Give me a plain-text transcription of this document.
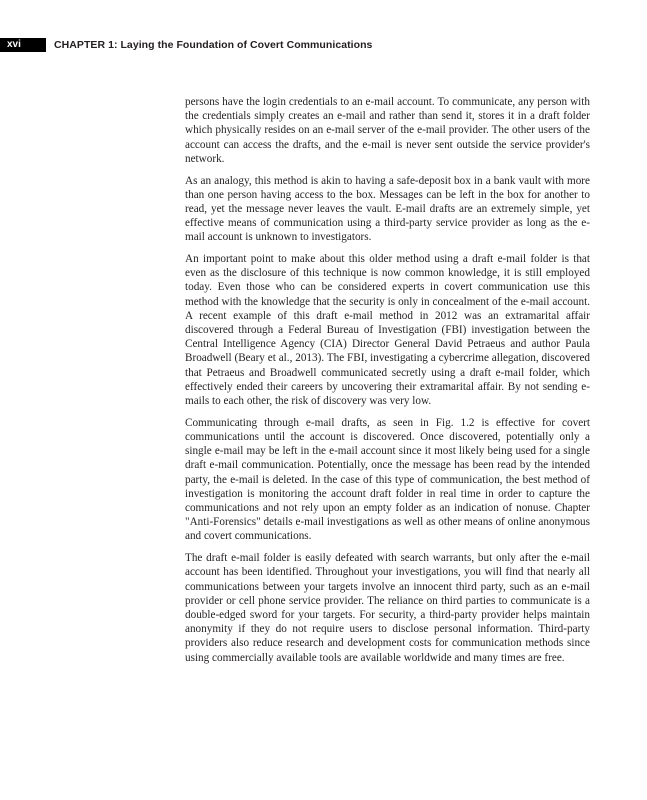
xvi	CHAPTER 1: Laying the Foundation of Covert Communications

persons have the login credentials to an e-mail account. To communicate, any person with the credentials simply creates an e-mail and rather than send it, stores it in a draft folder which physically resides on an e-mail server of the e-mail provider. The other users of the account can access the drafts, and the e-mail is never sent outside the service provider's network.

As an analogy, this method is akin to having a safe-deposit box in a bank vault with more than one person having access to the box. Messages can be left in the box for another to read, yet the message never leaves the vault. E-mail drafts are an extremely simple, yet effective means of communication using a third-party service provider as long as the e-mail account is unknown to investigators.

An important point to make about this older method using a draft e-mail folder is that even as the disclosure of this technique is now common knowledge, it is still employed today. Even those who can be considered experts in covert communication use this method with the knowledge that the security is only in concealment of the e-mail account. A recent example of this draft e-mail method in 2012 was an extramarital affair discovered through a Federal Bureau of Investigation (FBI) investigation between the Central Intelligence Agency (CIA) Director General David Petraeus and author Paula Broadwell (Beary et al., 2013). The FBI, investigating a cybercrime allegation, discovered that Petraeus and Broadwell communicated secretly using a draft e-mail folder, which effectively ended their careers by uncovering their extramarital affair. By not sending e-mails to each other, the risk of discovery was very low.

Communicating through e-mail drafts, as seen in Fig. 1.2 is effective for covert communications until the account is discovered. Once discovered, potentially only a single e-mail may be left in the e-mail account since it most likely being used for a single draft e-mail communication. Potentially, once the message has been read by the intended party, the e-mail is deleted. In the case of this type of communication, the best method of investigation is monitoring the account draft folder in real time in order to capture the communications and not rely upon an empty folder as an indication of nonuse. Chapter "Anti-Forensics" details e-mail investigations as well as other means of online anonymous and covert communications.

The draft e-mail folder is easily defeated with search warrants, but only after the e-mail account has been identified. Throughout your investigations, you will find that nearly all communications between your targets involve an innocent third party, such as an e-mail provider or cell phone service provider. The reliance on third parties to communicate is a double-edged sword for your targets. For security, a third-party provider helps maintain anonymity if they do not require users to disclose personal information. Third-party providers also reduce research and development costs for communication methods since using commercially available tools are available worldwide and many times are free.
